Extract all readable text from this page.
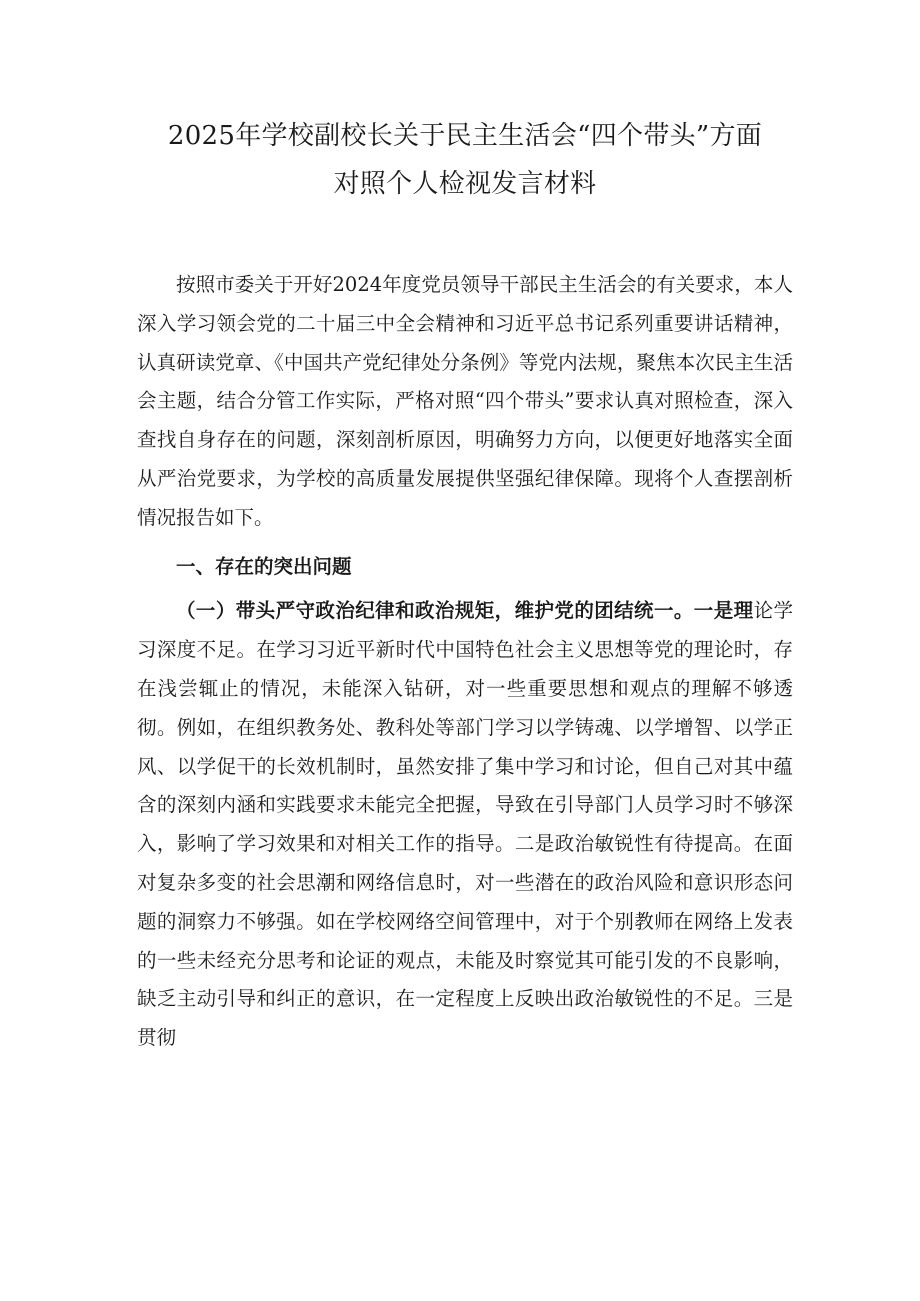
2025年学校副校长关于民主生活会“四个带头”方面
对照个人检视发言材料

按照市委关于开好2024年度党员领导干部民主生活会的有关要求，本人深入学习领会党的二十届三中全会精神和习近平总书记系列重要讲话精神，认真研读党章、《中国共产党纪律处分条例》等党内法规，聚焦本次民主生活会主题，结合分管工作实际，严格对照“四个带头”要求认真对照检查，深入查找自身存在的问题，深刻剖析原因，明确努力方向，以便更好地落实全面从严治党要求，为学校的高质量发展提供坚强纪律保障。现将个人查摆剖析情况报告如下。

一、存在的突出问题

（一）带头严守政治纪律和政治规矩，维护党的团结统一。一是理论学习深度不足。在学习习近平新时代中国特色社会主义思想等党的理论时，存在浅尝辄止的情况，未能深入钻研，对一些重要思想和观点的理解不够透彻。例如，在组织教务处、教科处等部门学习以学铸魂、以学增智、以学正风、以学促干的长效机制时，虽然安排了集中学习和讨论，但自己对其中蕴含的深刻内涵和实践要求未能完全把握，导致在引导部门人员学习时不够深入，影响了学习效果和对相关工作的指导。二是政治敏锐性有待提高。在面对复杂多变的社会思潮和网络信息时，对一些潜在的政治风险和意识形态问题的洞察力不够强。如在学校网络空间管理中，对于个别教师在网络上发表的一些未经充分思考和论证的观点，未能及时察觉其可能引发的不良影响，缺乏主动引导和纠正的意识，在一定程度上反映出政治敏锐性的不足。三是贯彻
